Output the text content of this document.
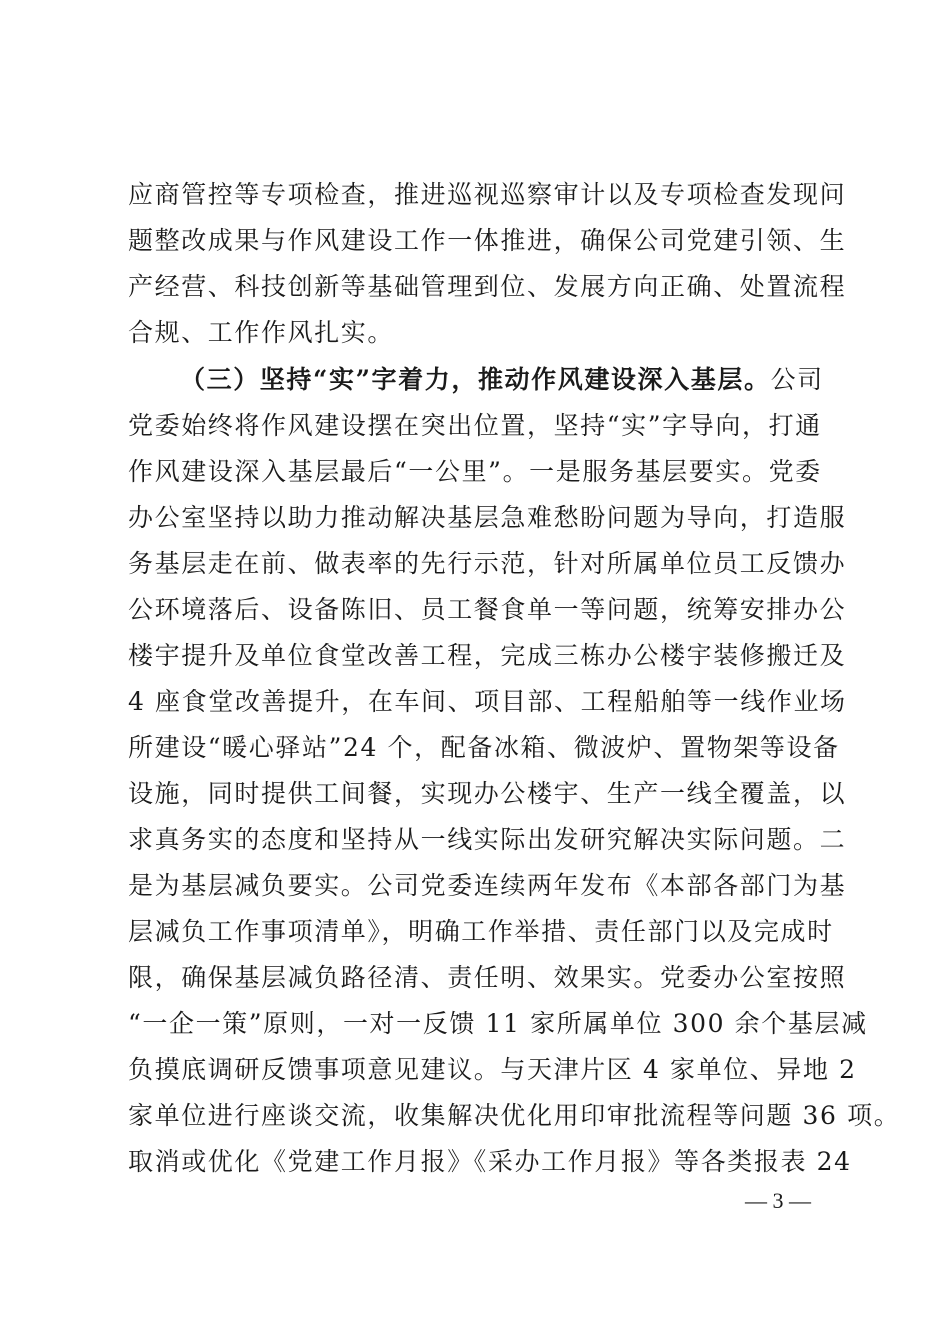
应商管控等专项检查，推进巡视巡察审计以及专项检查发现问
题整改成果与作风建设工作一体推进，确保公司党建引领、生
产经营、科技创新等基础管理到位、发展方向正确、处置流程
合规、工作作风扎实。
（三）坚持“实”字着力，推动作风建设深入基层。公司
党委始终将作风建设摆在突出位置，坚持“实”字导向，打通
作风建设深入基层最后“一公里”。一是服务基层要实。党委
办公室坚持以助力推动解决基层急难愁盼问题为导向，打造服
务基层走在前、做表率的先行示范，针对所属单位员工反馈办
公环境落后、设备陈旧、员工餐食单一等问题，统筹安排办公
楼宇提升及单位食堂改善工程，完成三栋办公楼宇装修搬迁及
4 座食堂改善提升，在车间、项目部、工程船舶等一线作业场
所建设“暖心驿站”24 个，配备冰箱、微波炉、置物架等设备
设施，同时提供工间餐，实现办公楼宇、生产一线全覆盖，以
求真务实的态度和坚持从一线实际出发研究解决实际问题。二
是为基层减负要实。公司党委连续两年发布《本部各部门为基
层减负工作事项清单》，明确工作举措、责任部门以及完成时
限，确保基层减负路径清、责任明、效果实。党委办公室按照
“一企一策”原则，一对一反馈 11 家所属单位 300 余个基层减
负摸底调研反馈事项意见建议。与天津片区 4 家单位、异地 2
家单位进行座谈交流，收集解决优化用印审批流程等问题 36 项。
取消或优化《党建工作月报》《采办工作月报》等各类报表 24
— 3 —
